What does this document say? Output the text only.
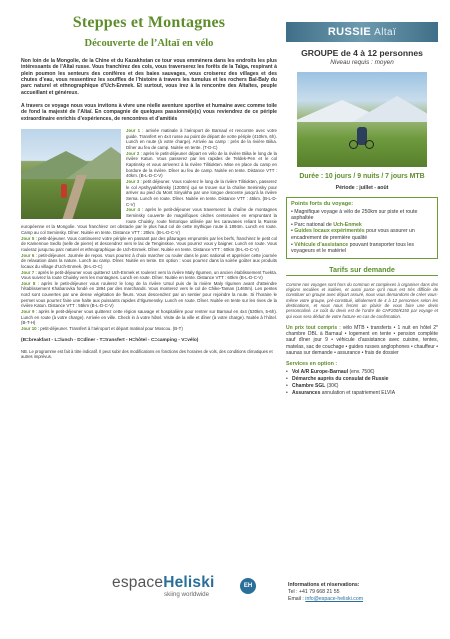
Steppes et Montagnes
Découverte de l’Altaï en vélo

Non loin de la Mongolie, de la Chine et du Kazakhstan ce tour vous emmènera dans les endroits les plus intéressants de l’Altaï russe. Vous franchirez des cols, vous traverserez les forêts de la Taïga, respirant à plein poumon les senteurs des conifères et des baies sauvages, vous croiserez des villages et des chutes d’eau, vous ressentirez les souffles de l’histoire à travers les tumulus et les rochers Bal-Baly du parc naturel et ethnographique d’Uch-Enmek. Et surtout, vous irez à la rencontre des Altaïtes, peuple accueillant et généreux.

A travers ce voyage nous vous invitons à vivre une réelle aventure sportive et humaine avec comme toile de fond la majesté de l’Altaï. En compagnie de quelques passionné(e)s) vous reviendrez de ce périple extraordinaire enrichis d’expériences, de rencontres et d’amitiés

Jour 1 : arrivée matinale à l’aéroport de Barnaul et rencontre avec votre guide. Transfert en 4x4 russe au point de départ de votre périple (410km, 6h). Lunch en route (à votre charge). Arrivée au camp : près de la rivière Biika. Dîner au feu de camp. Nuitée en tente. (T-D-C)
Jour 2 : après le petit-déjeuner départ en vélo de la rivière Biika le long de la rivière Katun. Vous passerez par les rapides de Teldek-Pen et le col Kaptinsky et vous arriverez à la rivière Tilitiokten. Mise en place du camp en bordure de la rivière. Dîner au feu de camp. Nuitée en tente. Distance VTT : 40km. (B-L-D-C-V)
Jour 3 : petit déjeuner. Vous roulerez le long de la rivière Tilitiokten, passerez le col Apshyyakhtinsky (1200m) qui se trouve sur la chaîne Seminsky pour arriver au pied du Mont Sinyukha par une longue descente jusqu’à la rivière Sema. Lunch en route. Dîner. Nuitée en tente. Distance VTT : 45km. (B-L-D-C-V)
Jour 4 : après le petit-déjeuner vous traverserez la chaîne de montagnes Seminsky couverte de magnifiques cèdres centenaires en empruntant la route Chuisky, route historique utilisée par les caravanes reliant la Russie européenne et la Mongolie. Vous franchirez cet obstacle par le plus haut col de cette mythique route à 1894m. Lunch en route. Camp au col Seminsky. Dîner. Nuitée en tente. Distance VTT : 20km. (B-L-D-C-V)
Jour 5 : petit-déjeuner. Vous continuerez votre périple en passant par des pâturages empruntés par les berfs, franchirez le petit col de Kamennoe Sedlo (selle de pierre) et descendrez vers le lac de Tenginskoe. Vous pourrez vous y baigner. Lunch en route. Vous rouleraz jusqu’au parc naturel et ethnographique de Uch-Enmek. Dîner. Nuitée en tente. Distance VTT : 60km (B-L-D-C-V)
Jour 6 : petit-déjeuner. Journée de repos. Vous pourrez à choix marcher ou rouler dans le parc national et apprécier cette journée de relaxation dans la nature. Lunch au camp. Dîner. Nuitée en tente. En option : vous pourrez dans la soirée goûter aux produits locaux du village d’Uch-Enmek. (B-L-D-C)
Jour 7 : après le petit-déjeuner vous quitterez Uch-Enmek et roulerez vers la rivière Maly Ilgumen, un ancien établissement Tuekta. Vous suivrez la route Chuisky vers les montagnes. Lunch en route. Dîner. Nuitée en tente. Distance VTT : 60km (B-L-D-C-V)
Jour 8 : après le petit-déjeuner vous roulerez le long de la rivière Ursul puis de la rivière Maly Ilgumen avant d’atteindre l’établissement Khabarovka fondé en 1894 par des marchands. Vous monterez vers le col de Chike-Taman (1460m). Les pentes nord sont couvertes par une dense végétation de fleurs. Vous descendrez par un sentier pour rejoindre la route. Si l’horaire le permet vous pourrez faire une halte aux puissants rapides d’Ilgumensky. Lunch en route. Dîner. Nuitée en tente sur les rives de la rivière Katun. Distance VTT : 55km (B-L-D-C-V)
Jour 9 : après le petit-déjeuner vous quitterez cette région sauvage et hospitalière pour rentrer sur Barnaul en 4x4 (530km, 5-6h). Lunch en route (à votre charge). Arrivée en ville. Check in à votre hôtel. Visite de la ville et dîner (à votre charge). Nuitée à l’hôtel. (B-T-H)
Jour 10 : petit-déjeuner. Transfert à l’aéroport et départ matinal pour Moscou. (B-T)
(B=breakfast - L=lunch - D=dîner - T=transfert - H=hôtel - C=camping - V=vélo)
NB. Le programme est fait à titre indicatif. Il peut subir des modifications en fonctions des horaires de vols, des conditions climatiques et autres imprévus.
RUSSIE Altaï
GROUPE de 4 à 12 personnes
Niveau requis : moyen
Durée : 10 jours / 9 nuits / 7 jours MTB
Période : juillet - août
Points forts du voyage:
• Magnifique voyage à vélo de 250km sur piste et route asphaltée
• Parc national de Uch-Enmek
• Guides locaux expérimentés pour vous assurer un encadrement de première qualité
• Véhicule d’assistance pouvant transporter tous les voyageurs et le matériel
Tarifs sur demande

Comme nos voyages sont hors du commun et complexes à organiser dans des régions reculées et isolées, et aussi parce qu’il nous est très difficile de constituer un groupe avec départ assuré, nous vous demandons de créer vous-même votre groupe, pré-constitué, idéalement de 4 à 12 personnes selon les destinations, et nous nous ferons un plaisir de vous faire une devis personnalisé. Le coût du devis est de l’ordre de CHF200/€150 par voyage et qui vous sera déduit de votre facture en cas de confirmation.

Un prix tout compris : vélo MTB • transferts • 1 nuit en hôtel 2* chambre DBL à Barnaul • logement en tente • pension complète sauf dîner jour 9 • véhicule d’assistance avec cuisine, tentes, matelas, sac de couchage • guides russes anglophones • chauffeur • saunas sur demande • assurance • frais de dossier

Services en option :
• Vol A/R Europe-Barnaul (env. 750€)
• Démarche auprès du consulat de Russie
• Chambre SGL (30€)
• Assurances annulation et rapatriement ELVIA
espaceHeliski	EH
skiing worldwide
Informations et réservations:
Tel : +41 79 668 21 55
Email : info@espace-heliski.com
